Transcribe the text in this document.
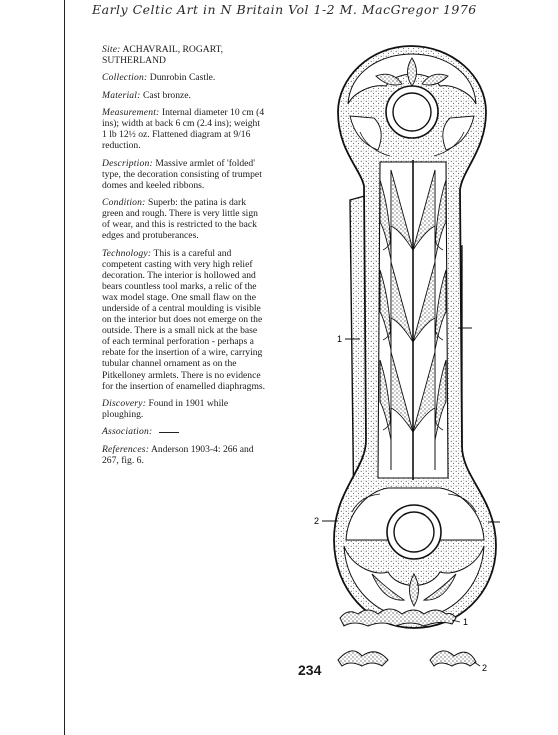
Early Celtic Art in N Britain Vol 1-2 M. MacGregor 1976
Site: ACHAVRAIL, ROGART, SUTHERLAND
Collection: Dunrobin Castle.
Material: Cast bronze.
Measurement: Internal diameter 10 cm (4 ins); width at back 6 cm (2.4 ins); weight 1 lb 12½ oz. Flattened diagram at 9/16 reduction.
Description: Massive armlet of 'folded' type, the decoration consisting of trumpet domes and keeled ribbons.
Condition: Superb: the patina is dark green and rough. There is very little sign of wear, and this is restricted to the back edges and protuberances.
Technology: This is a careful and competent casting with very high relief decoration. The interior is hollowed and bears countless tool marks, a relic of the wax model stage. One small flaw on the underside of a central moulding is visible on the interior but does not emerge on the outside. There is a small nick at the base of each terminal perforation - perhaps a rebate for the insertion of a wire, carrying tubular channel ornament as on the Pitkelloney armlets. There is no evidence for the insertion of enamelled diaphragms.
Discovery: Found in 1901 while ploughing.
Association:
References: Anderson 1903-4: 266 and 267, fig. 6.
1
2
1
2
234
